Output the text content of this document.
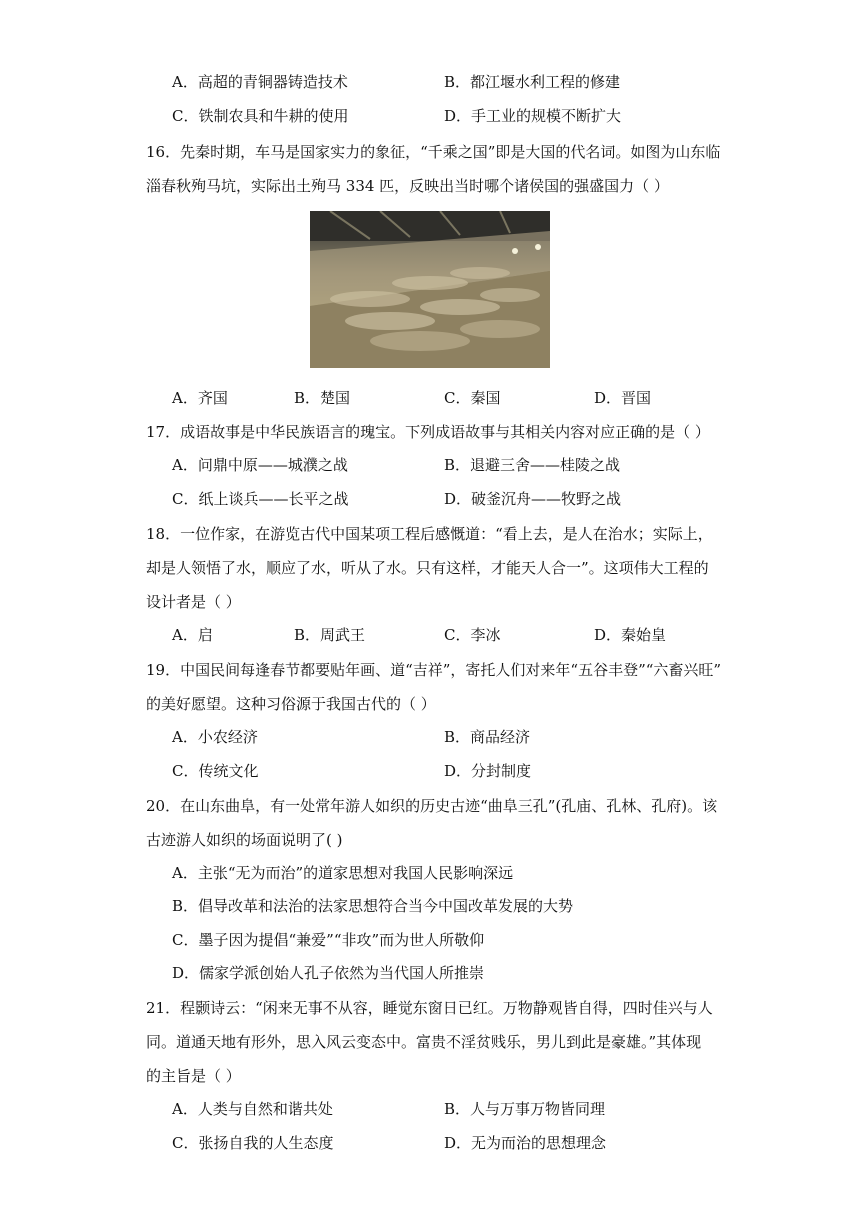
A．高超的青铜器铸造技术	B．都江堰水利工程的修建
C．铁制农具和牛耕的使用	D．手工业的规模不断扩大
16．先秦时期，车马是国家实力的象征，“千乘之国”即是大国的代名词。如图为山东临
淄春秋殉马坑，实际出土殉马 334 匹，反映出当时哪个诸侯国的强盛国力（ ）
A．齐国	B．楚国	C．秦国	D．晋国
17．成语故事是中华民族语言的瑰宝。下列成语故事与其相关内容对应正确的是（ ）
A．问鼎中原——城濮之战	B．退避三舍——桂陵之战
C．纸上谈兵——长平之战	D．破釜沉舟——牧野之战
18．一位作家，在游览古代中国某项工程后感慨道：“看上去，是人在治水；实际上，
却是人领悟了水，顺应了水，听从了水。只有这样，才能天人合一”。这项伟大工程的
设计者是（ ）
A．启	B．周武王	C．李冰	D．秦始皇
19．中国民间每逢春节都要贴年画、道“吉祥”，寄托人们对来年“五谷丰登”“六畜兴旺”
的美好愿望。这种习俗源于我国古代的（ ）
A．小农经济	B．商品经济
C．传统文化	D．分封制度
20．在山东曲阜，有一处常年游人如织的历史古迹“曲阜三孔”(孔庙、孔林、孔府)。该
古迹游人如织的场面说明了( )
A．主张“无为而治”的道家思想对我国人民影响深远
B．倡导改革和法治的法家思想符合当今中国改革发展的大势
C．墨子因为提倡“兼爱”“非攻”而为世人所敬仰
D．儒家学派创始人孔子依然为当代国人所推崇
21．程颢诗云：“闲来无事不从容，睡觉东窗日已红。万物静观皆自得，四时佳兴与人
同。道通天地有形外，思入风云变态中。富贵不淫贫贱乐，男儿到此是豪雄。”其体现
的主旨是（ ）
A．人类与自然和谐共处	B．人与万事万物皆同理
C．张扬自我的人生态度	D．无为而治的思想理念
